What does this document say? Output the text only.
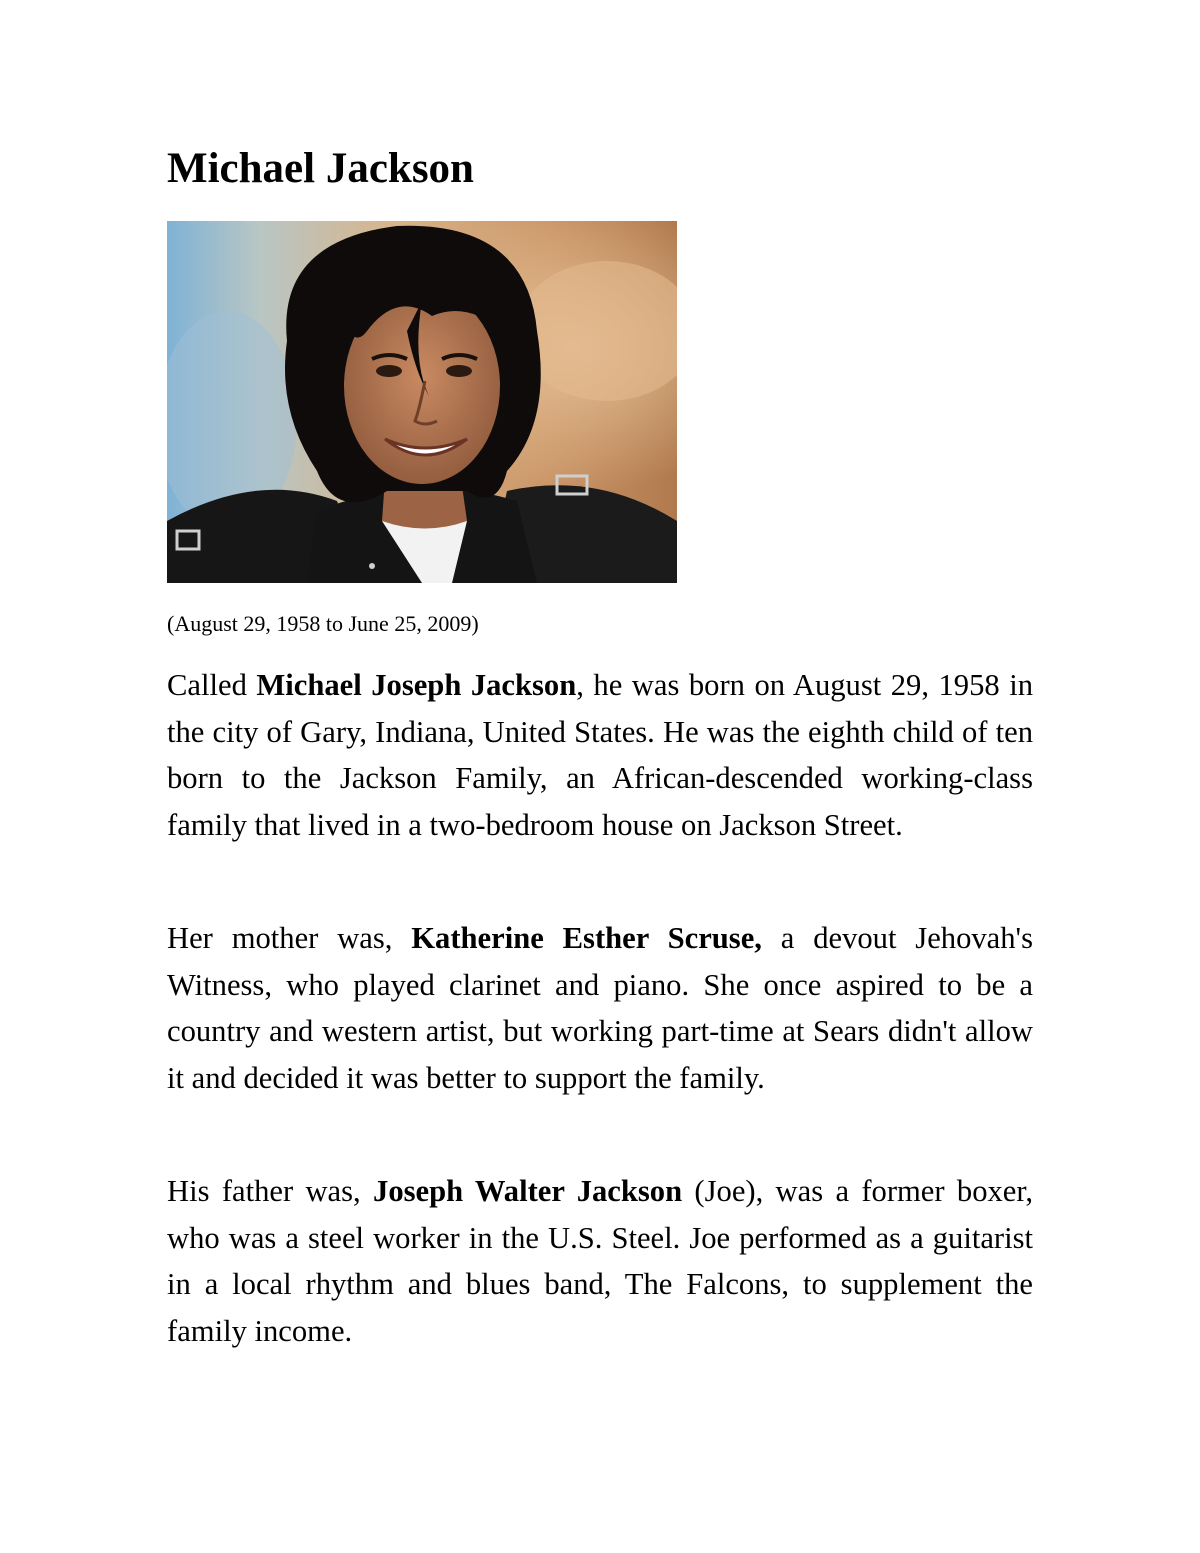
Michael Jackson

(August 29, 1958 to June 25, 2009)

Called Michael Joseph Jackson, he was born on August 29, 1958 in the city of Gary, Indiana, United States. He was the eighth child of ten born to the Jackson Family, an African-descended working-class family that lived in a two-bedroom house on Jackson Street.

Her mother was, Katherine Esther Scruse, a devout Jehovah's Witness, who played clarinet and piano. She once aspired to be a country and western artist, but working part-time at Sears didn't allow it and decided it was better to support the family.

His father was, Joseph Walter Jackson (Joe), was a former boxer, who was a steel worker in the U.S. Steel. Joe performed as a guitarist in a local rhythm and blues band, The Falcons, to supplement the family income.
